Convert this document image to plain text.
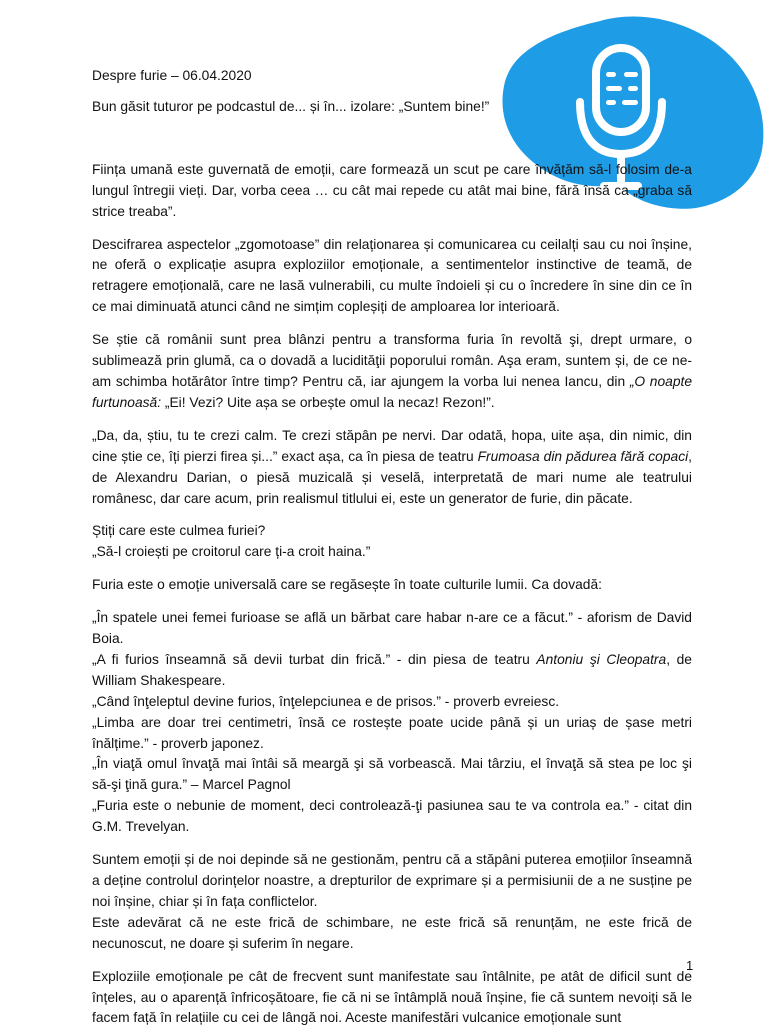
Despre furie – 06.04.2020

Bun găsit tuturor pe podcastul de... și în... izolare: „Suntem bine!”

Ființa umană este guvernată de emoții, care formează un scut pe care învățăm să-l folosim de-a lungul întregii vieți. Dar, vorba ceea … cu cât mai repede cu atât mai bine, fără însă ca „graba să strice treaba”.

Descifrarea aspectelor „zgomotoase” din relaționarea și comunicarea cu ceilalți sau cu noi înșine, ne oferă o explicație asupra exploziilor emoționale, a sentimentelor instinctive de teamă, de retragere emoțională, care ne lasă vulnerabili, cu multe îndoieli și cu o încredere în sine din ce în ce mai diminuată atunci când ne simțim copleșiți de amploarea lor interioară.

Se știe că românii sunt prea blânzi pentru a transforma furia în revoltă şi, drept urmare, o sublimează prin glumă, ca o dovadă a lucidităţii poporului român. Aşa eram, suntem și, de ce ne-am schimba hotărâtor între timp? Pentru că, iar ajungem la vorba lui nenea Iancu, din „O noapte furtunoasă: „Ei! Vezi? Uite așa se orbește omul la necaz! Rezon!”.

„Da, da, știu, tu te crezi calm. Te crezi stăpân pe nervi. Dar odată, hopa, uite așa, din nimic, din cine știe ce, îți pierzi firea și...” exact așa, ca în piesa de teatru Frumoasa din pădurea fără copaci, de Alexandru Darian, o piesă muzicală și veselă, interpretată de mari nume ale teatrului românesc, dar care acum, prin realismul titlului ei, este un generator de furie, din păcate.

Știți care este culmea furiei?

„Să-l croiești pe croitorul care ți-a croit haina.”

Furia este o emoție universală care se regăsește în toate culturile lumii. Ca dovadă:

„În spatele unei femei furioase se află un bărbat care habar n-are ce a făcut.” - aforism de David Boia.

„A fi furios înseamnă să devii turbat din frică.” - din piesa de teatru Antoniu şi Cleopatra, de William Shakespeare.

„Când înţeleptul devine furios, înţelepciunea e de prisos.” - proverb evreiesc.

„Limba are doar trei centimetri, însă ce rostește poate ucide până și un uriaș de șase metri înălțime.” - proverb japonez.

„În viaţă omul învaţă mai întâi să meargă şi să vorbească. Mai târziu, el învaţă să stea pe loc şi să-şi ţină gura.” – Marcel Pagnol

„Furia este o nebunie de moment, deci controlează-ţi pasiunea sau te va controla ea.” - citat din G.M. Trevelyan.

Suntem emoții și de noi depinde să ne gestionăm, pentru că a stăpâni puterea emoțiilor înseamnă a deține controlul dorințelor noastre, a drepturilor de exprimare și a permisiunii de a ne susține pe noi înșine, chiar și în fața conflictelor.

Este adevărat că ne este frică de schimbare, ne este frică să renunțăm, ne este frică de necunoscut, ne doare și suferim în negare.

Exploziile emoționale pe cât de frecvent sunt manifestate sau întâlnite, pe atât de dificil sunt de înțeles, au o aparență înfricoșătoare, fie că ni se întâmplă nouă înșine, fie că suntem nevoiți să le facem față în relațiile cu cei de lângă noi. Aceste manifestări vulcanice emoționale sunt

1
